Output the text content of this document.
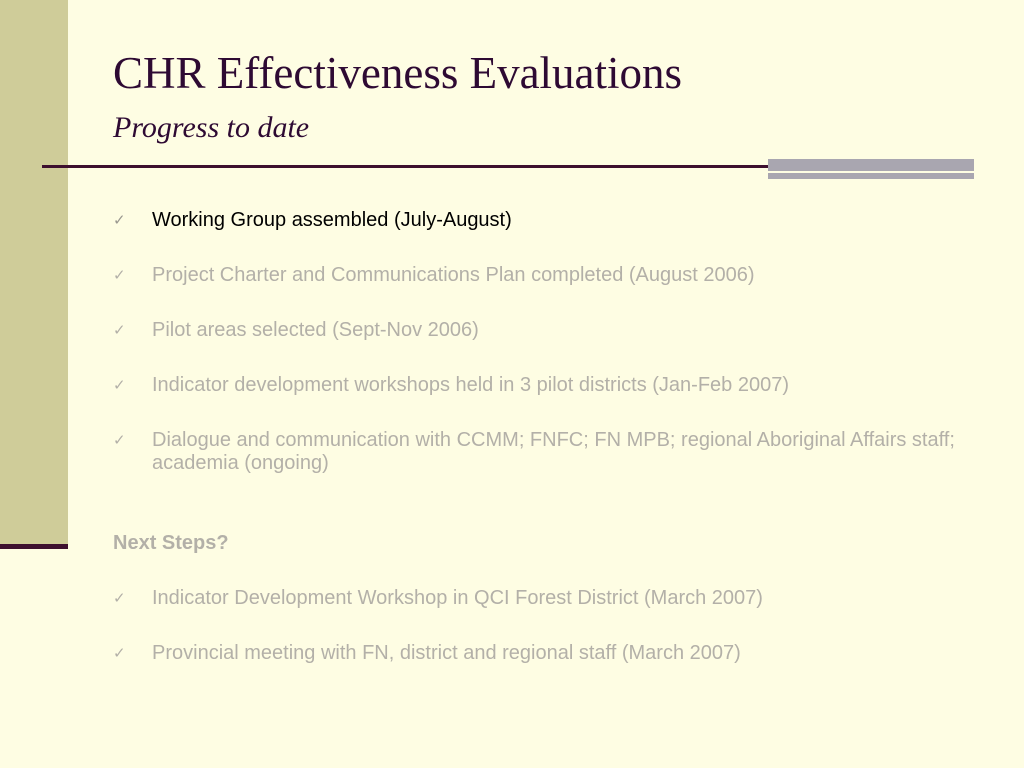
CHR Effectiveness Evaluations
Progress to date
✓ Working Group assembled (July-August)
✓ Project Charter and Communications Plan completed (August 2006)
✓ Pilot areas selected (Sept-Nov 2006)
✓ Indicator development workshops held in 3 pilot districts (Jan-Feb 2007)
✓ Dialogue and communication with CCMM; FNFC; FN MPB; regional Aboriginal Affairs staff; academia (ongoing)
Next Steps?
✓ Indicator Development Workshop in QCI Forest District (March 2007)
✓ Provincial meeting with FN, district and regional staff (March 2007)
